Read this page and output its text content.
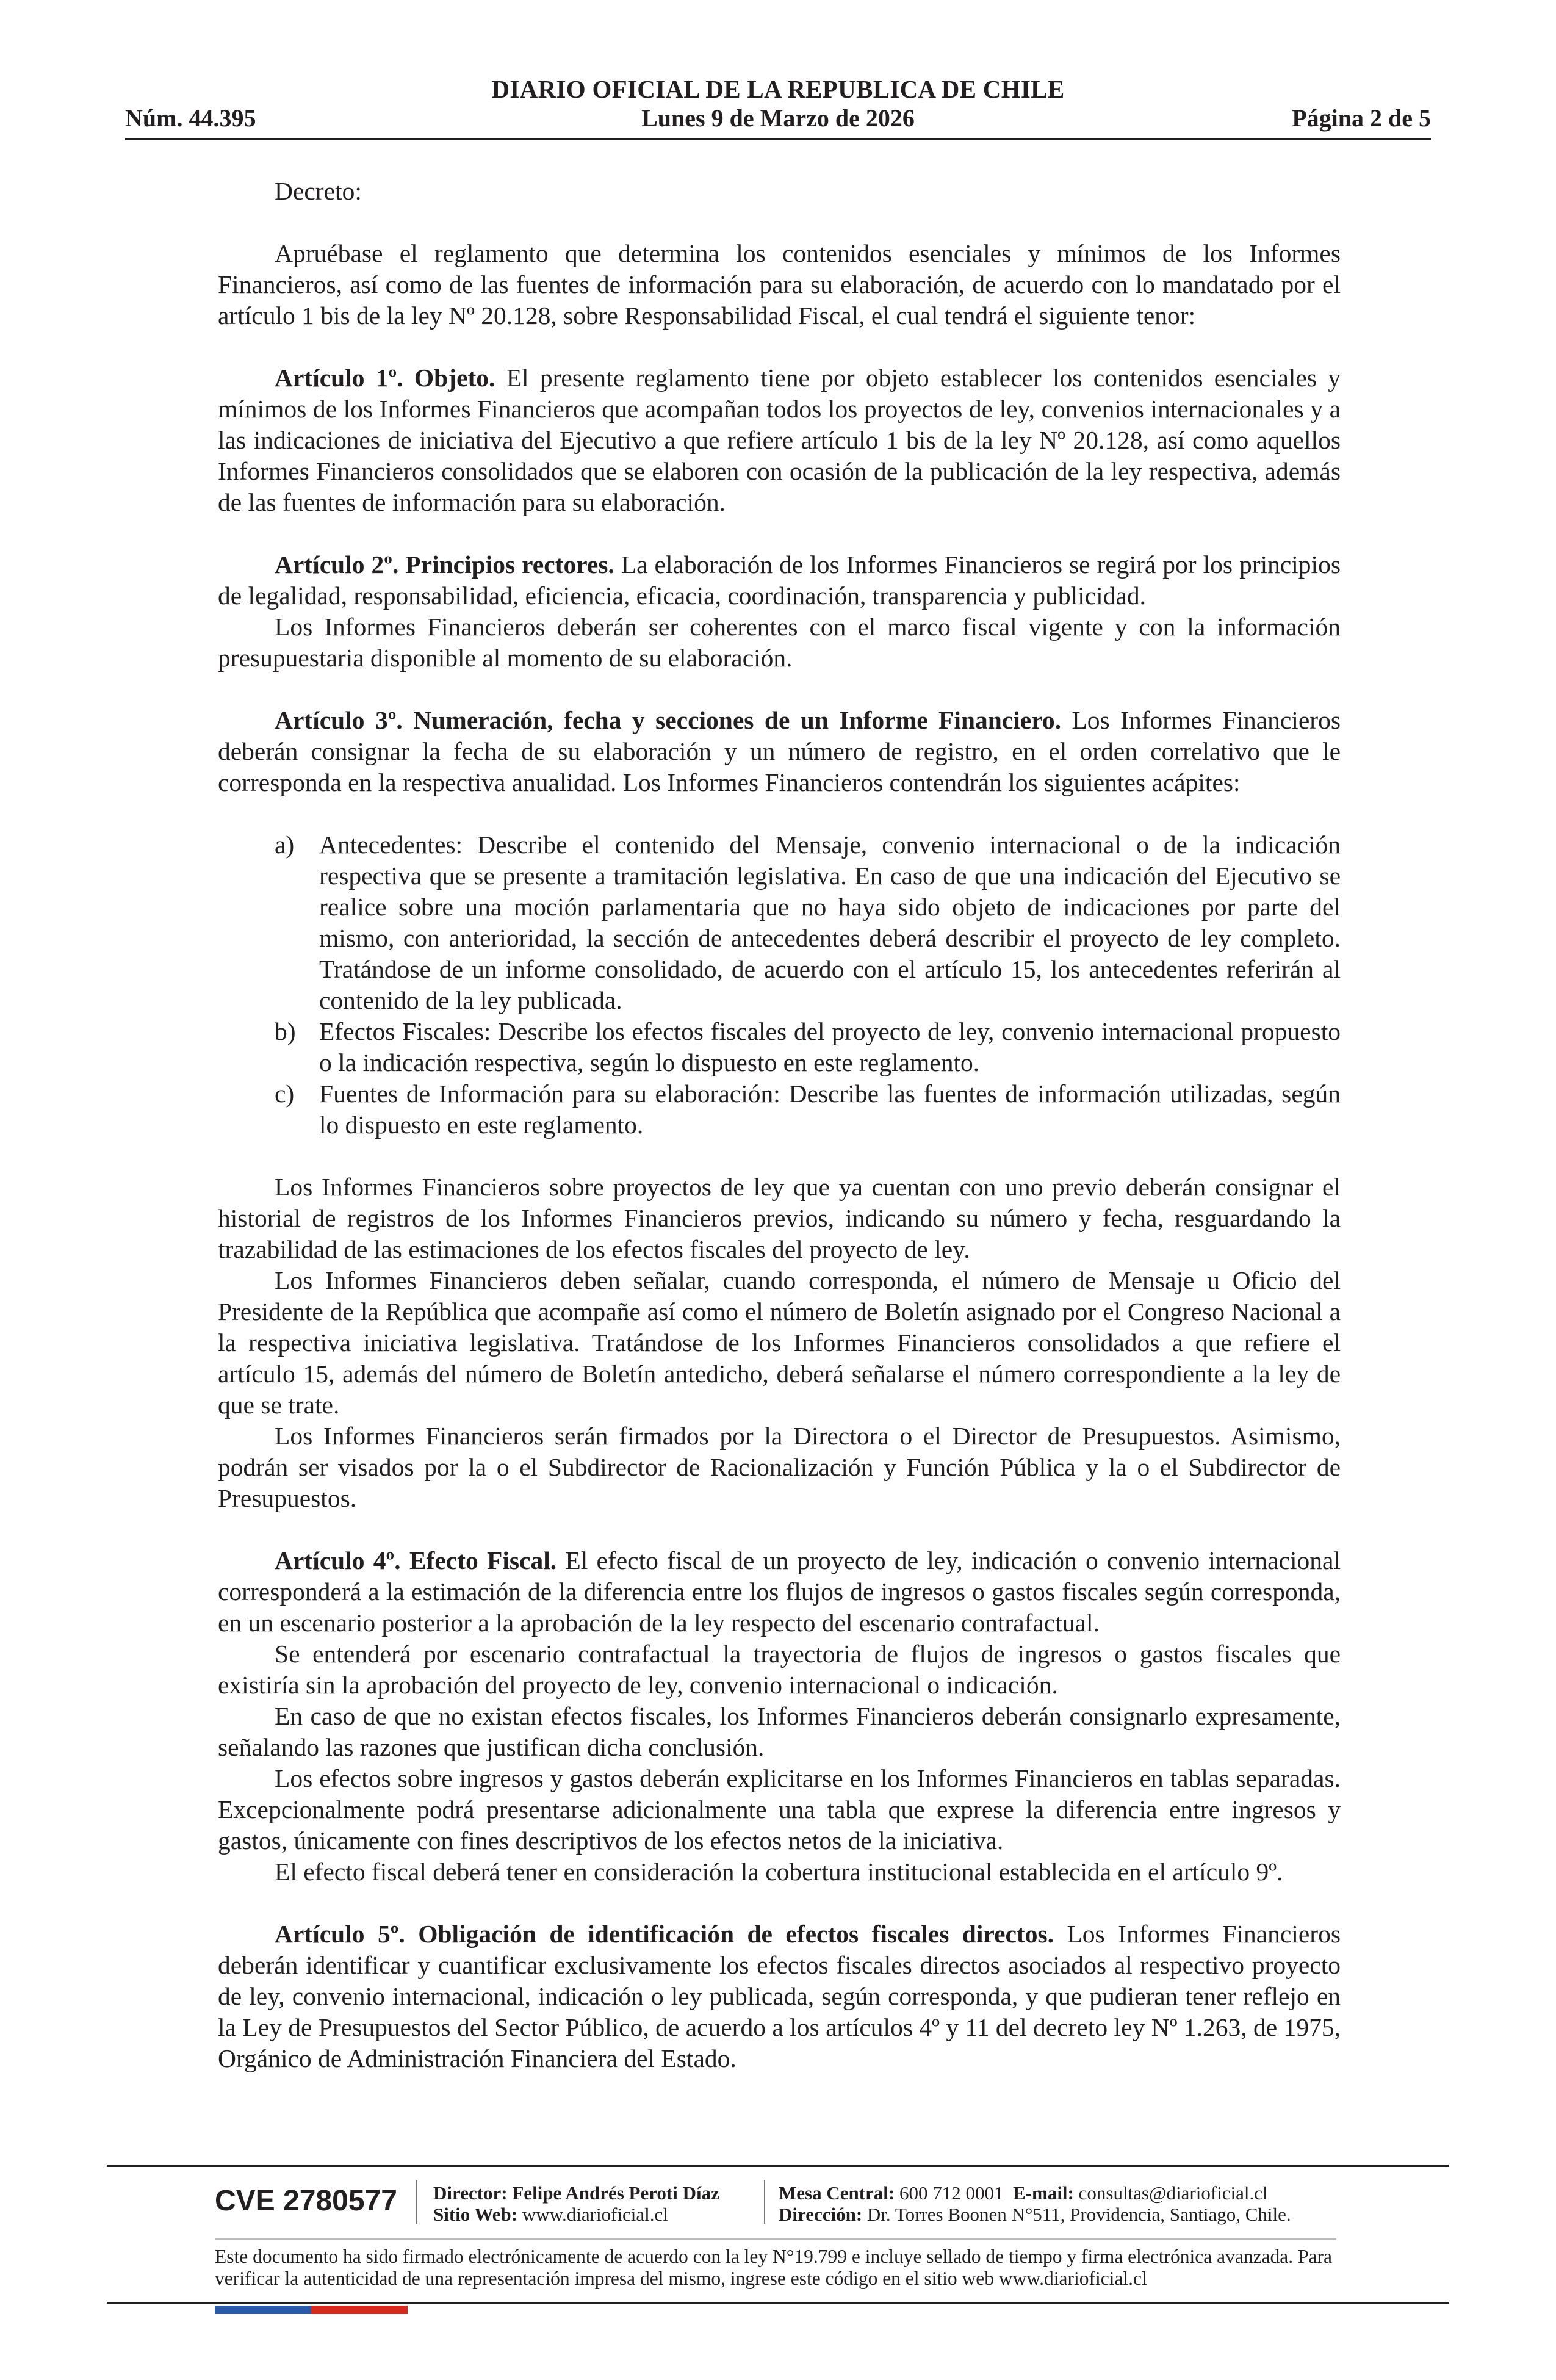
DIARIO OFICIAL DE LA REPUBLICA DE CHILE
Núm. 44.395	Lunes 9 de Marzo de 2026	Página 2 de 5

Decreto:

Apruébase el reglamento que determina los contenidos esenciales y mínimos de los Informes Financieros, así como de las fuentes de información para su elaboración, de acuerdo con lo mandatado por el artículo 1 bis de la ley Nº 20.128, sobre Responsabilidad Fiscal, el cual tendrá el siguiente tenor:

Artículo 1º. Objeto. El presente reglamento tiene por objeto establecer los contenidos esenciales y mínimos de los Informes Financieros que acompañan todos los proyectos de ley, convenios internacionales y a las indicaciones de iniciativa del Ejecutivo a que refiere artículo 1 bis de la ley Nº 20.128, así como aquellos Informes Financieros consolidados que se elaboren con ocasión de la publicación de la ley respectiva, además de las fuentes de información para su elaboración.

Artículo 2º. Principios rectores. La elaboración de los Informes Financieros se regirá por los principios de legalidad, responsabilidad, eficiencia, eficacia, coordinación, transparencia y publicidad.

Los Informes Financieros deberán ser coherentes con el marco fiscal vigente y con la información presupuestaria disponible al momento de su elaboración.

Artículo 3º. Numeración, fecha y secciones de un Informe Financiero. Los Informes Financieros deberán consignar la fecha de su elaboración y un número de registro, en el orden correlativo que le corresponda en la respectiva anualidad. Los Informes Financieros contendrán los siguientes acápites:

a) Antecedentes: Describe el contenido del Mensaje, convenio internacional o de la indicación respectiva que se presente a tramitación legislativa. En caso de que una indicación del Ejecutivo se realice sobre una moción parlamentaria que no haya sido objeto de indicaciones por parte del mismo, con anterioridad, la sección de antecedentes deberá describir el proyecto de ley completo. Tratándose de un informe consolidado, de acuerdo con el artículo 15, los antecedentes referirán al contenido de la ley publicada.
b) Efectos Fiscales: Describe los efectos fiscales del proyecto de ley, convenio internacional propuesto o la indicación respectiva, según lo dispuesto en este reglamento.
c) Fuentes de Información para su elaboración: Describe las fuentes de información utilizadas, según lo dispuesto en este reglamento.

Los Informes Financieros sobre proyectos de ley que ya cuentan con uno previo deberán consignar el historial de registros de los Informes Financieros previos, indicando su número y fecha, resguardando la trazabilidad de las estimaciones de los efectos fiscales del proyecto de ley.

Los Informes Financieros deben señalar, cuando corresponda, el número de Mensaje u Oficio del Presidente de la República que acompañe así como el número de Boletín asignado por el Congreso Nacional a la respectiva iniciativa legislativa. Tratándose de los Informes Financieros consolidados a que refiere el artículo 15, además del número de Boletín antedicho, deberá señalarse el número correspondiente a la ley de que se trate.

Los Informes Financieros serán firmados por la Directora o el Director de Presupuestos. Asimismo, podrán ser visados por la o el Subdirector de Racionalización y Función Pública y la o el Subdirector de Presupuestos.

Artículo 4º. Efecto Fiscal. El efecto fiscal de un proyecto de ley, indicación o convenio internacional corresponderá a la estimación de la diferencia entre los flujos de ingresos o gastos fiscales según corresponda, en un escenario posterior a la aprobación de la ley respecto del escenario contrafactual.

Se entenderá por escenario contrafactual la trayectoria de flujos de ingresos o gastos fiscales que existiría sin la aprobación del proyecto de ley, convenio internacional o indicación.

En caso de que no existan efectos fiscales, los Informes Financieros deberán consignarlo expresamente, señalando las razones que justifican dicha conclusión.

Los efectos sobre ingresos y gastos deberán explicitarse en los Informes Financieros en tablas separadas. Excepcionalmente podrá presentarse adicionalmente una tabla que exprese la diferencia entre ingresos y gastos, únicamente con fines descriptivos de los efectos netos de la iniciativa.

El efecto fiscal deberá tener en consideración la cobertura institucional establecida en el artículo 9º.

Artículo 5º. Obligación de identificación de efectos fiscales directos. Los Informes Financieros deberán identificar y cuantificar exclusivamente los efectos fiscales directos asociados al respectivo proyecto de ley, convenio internacional, indicación o ley publicada, según corresponda, y que pudieran tener reflejo en la Ley de Presupuestos del Sector Público, de acuerdo a los artículos 4º y 11 del decreto ley Nº 1.263, de 1975, Orgánico de Administración Financiera del Estado.

CVE 2780577 Director: Felipe Andrés Peroti Díaz
Sitio Web: www.diarioficial.cl
Mesa Central: 600 712 0001 E-mail: consultas@diarioficial.cl
Dirección: Dr. Torres Boonen N°511, Providencia, Santiago, Chile.
Este documento ha sido firmado electrónicamente de acuerdo con la ley N°19.799 e incluye sellado de tiempo y firma electrónica avanzada. Para verificar la autenticidad de una representación impresa del mismo, ingrese este código en el sitio web www.diarioficial.cl
